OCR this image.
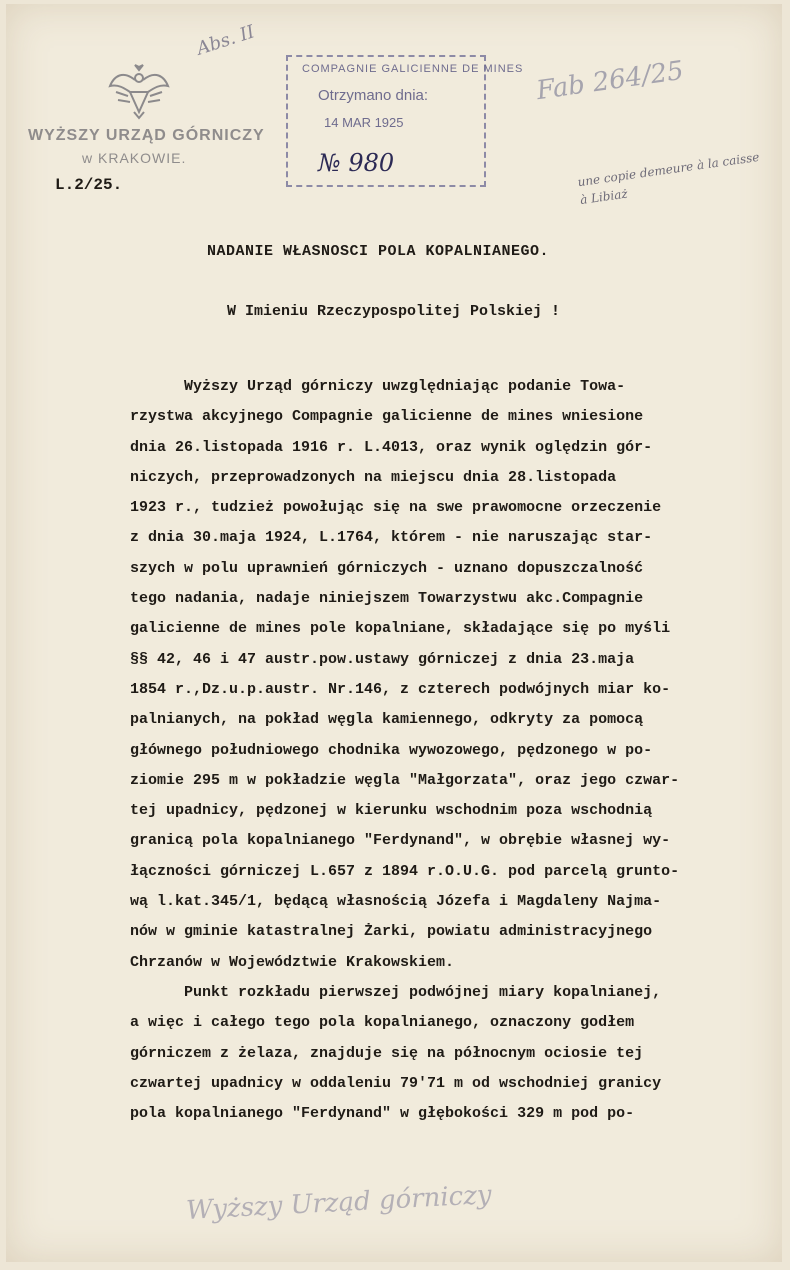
WYŻSZY URZĄD GÓRNICZY
w KRAKOWIE.
L.2/25.
Abs. II
COMPAGNIE GALICIENNE DE MINES
Otrzymano dnia:
14 MAR 1925
№ 980
Fab 264/25
une copie demeure à la caisse à Libiaż
NADANIE WŁASNOSCI POLA KOPALNIANEGO.
W Imieniu Rzeczypospolitej Polskiej !
Wyższy Urząd górniczy uwzględniając podanie Towa-
rzystwa akcyjnego Compagnie galicienne de mines wniesione
dnia 26.listopada 1916 r. L.4013, oraz wynik oględzin gór-
niczych, przeprowadzonych na miejscu dnia 28.listopada
1923 r., tudzież powołując się na swe prawomocne orzeczenie
z dnia 30.maja 1924, L.1764, którem - nie naruszając star-
szych w polu uprawnień górniczych - uznano dopuszczalność
tego nadania, nadaje niniejszem Towarzystwu akc.Compagnie
galicienne de mines pole kopalniane, składające się po myśli
§§ 42, 46 i 47 austr.pow.ustawy górniczej z dnia 23.maja
1854 r.,Dz.u.p.austr. Nr.146, z czterech podwójnych miar ko-
palnianych, na pokład węgla kamiennego, odkryty za pomocą
głównego południowego chodnika wywozowego, pędzonego w po-
ziomie 295 m w pokładzie węgla "Małgorzata", oraz jego czwar-
tej upadnicy, pędzonej w kierunku wschodnim poza wschodnią
granicą pola kopalnianego "Ferdynand", w obrębie własnej wy-
łączności górniczej L.657 z 1894 r.O.U.G. pod parcelą grunto-
wą l.kat.345/1, będącą własnością Józefa i Magdaleny Najma-
nów w gminie katastralnej Żarki, powiatu administracyjnego
Chrzanów w Województwie Krakowskiem.
Punkt rozkładu pierwszej podwójnej miary kopalnianej,
a więc i całego tego pola kopalnianego, oznaczony godłem
górniczem z żelaza, znajduje się na północnym ociosie tej
czwartej upadnicy w oddaleniu 79'71 m od wschodniej granicy
pola kopalnianego "Ferdynand" w głębokości 329 m pod po-
Wyższy Urząd górniczy
